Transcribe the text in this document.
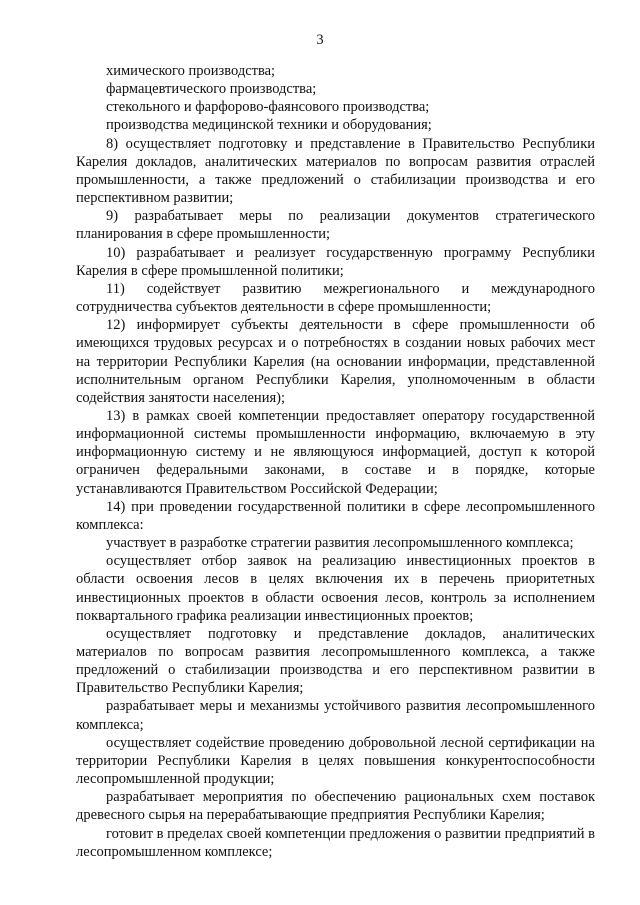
3

химического производства;

фармацевтического производства;

стекольного и фарфорово-фаянсового производства;

производства медицинской техники и оборудования;

8) осуществляет подготовку и представление в Правительство Республики Карелия докладов, аналитических материалов по вопросам развития отраслей промышленности, а также предложений о стабилизации производства и его перспективном развитии;

9) разрабатывает меры по реализации документов стратегического планирования в сфере промышленности;

10) разрабатывает и реализует государственную программу Республики Карелия в сфере промышленной политики;

11) содействует развитию межрегионального и международного сотрудничества субъектов деятельности в сфере промышленности;

12) информирует субъекты деятельности в сфере промышленности об имеющихся трудовых ресурсах и о потребностях в создании новых рабочих мест на территории Республики Карелия (на основании информации, представленной исполнительным органом Республики Карелия, уполномоченным в области содействия занятости населения);

13) в рамках своей компетенции предоставляет оператору государственной информационной системы промышленности информацию, включаемую в эту информационную систему и не являющуюся информацией, доступ к которой ограничен федеральными законами, в составе и в порядке, которые устанавливаются Правительством Российской Федерации;

14) при проведении государственной политики в сфере лесопромышленного комплекса:

участвует в разработке стратегии развития лесопромышленного комплекса;

осуществляет отбор заявок на реализацию инвестиционных проектов в области освоения лесов в целях включения их в перечень приоритетных инвестиционных проектов в области освоения лесов, контроль за исполнением поквартального графика реализации инвестиционных проектов;

осуществляет подготовку и представление докладов, аналитических материалов по вопросам развития лесопромышленного комплекса, а также предложений о стабилизации производства и его перспективном развитии в Правительство Республики Карелия;

разрабатывает меры и механизмы устойчивого развития лесопромышленного комплекса;

осуществляет содействие проведению добровольной лесной сертификации на территории Республики Карелия в целях повышения конкурентоспособности лесопромышленной продукции;

разрабатывает мероприятия по обеспечению рациональных схем поставок древесного сырья на перерабатывающие предприятия Республики Карелия;

готовит в пределах своей компетенции предложения о развитии предприятий в лесопромышленном комплексе;
